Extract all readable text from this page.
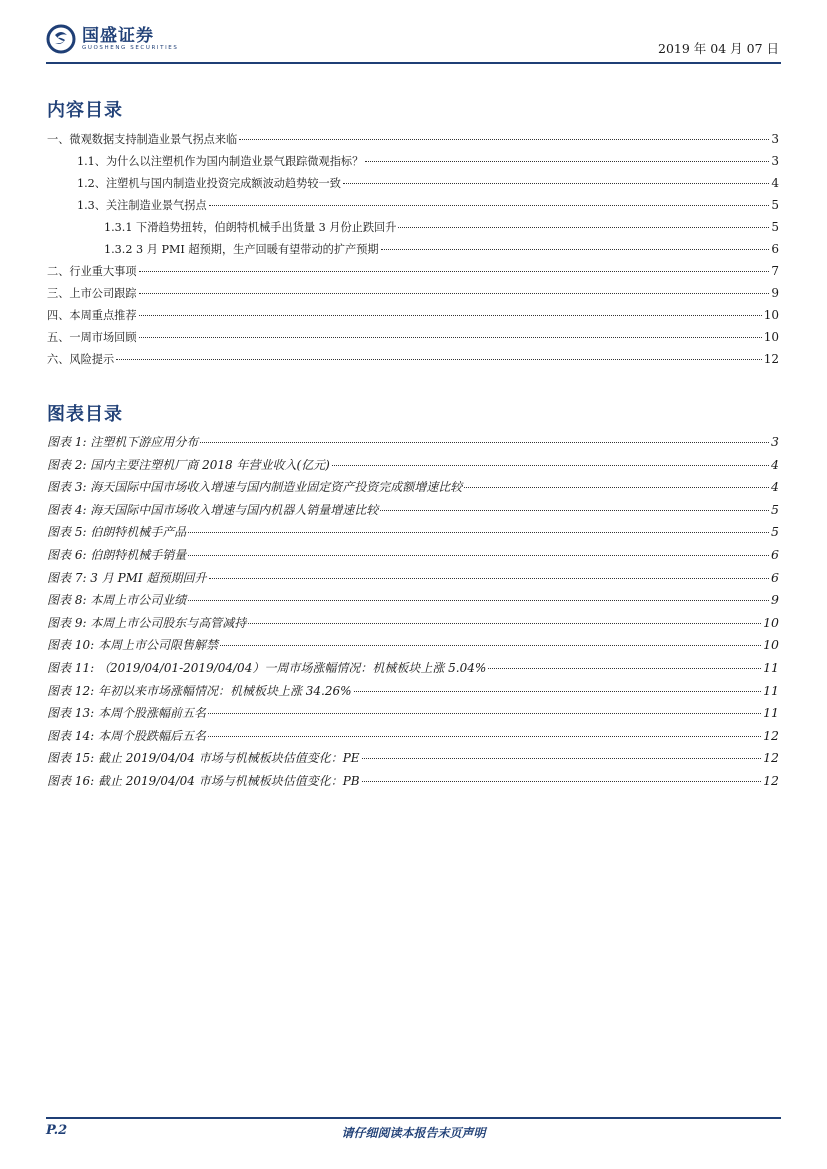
国盛证券
GUOSHENG SECURITIES	2019 年 04 月 07 日
内容目录
一、微观数据支持制造业景气拐点来临	3
1.1、为什么以注塑机作为国内制造业景气跟踪微观指标？	3
1.2、注塑机与国内制造业投资完成额波动趋势较一致	4
1.3、关注制造业景气拐点	5
1.3.1 下滑趋势扭转，伯朗特机械手出货量 3 月份止跌回升	5
1.3.2 3 月 PMI 超预期，生产回暖有望带动的扩产预期	6
二、行业重大事项	7
三、上市公司跟踪	9
四、本周重点推荐	10
五、一周市场回顾	10
六、风险提示	12
图表目录
图表 1: 注塑机下游应用分布	3
图表 2: 国内主要注塑机厂商 2018 年营业收入(亿元)	4
图表 3: 海天国际中国市场收入增速与国内制造业固定资产投资完成额增速比较	4
图表 4: 海天国际中国市场收入增速与国内机器人销量增速比较	5
图表 5: 伯朗特机械手产品	5
图表 6: 伯朗特机械手销量	6
图表 7: 3 月 PMI 超预期回升	6
图表 8: 本周上市公司业绩	9
图表 9: 本周上市公司股东与高管减持	10
图表 10: 本周上市公司限售解禁	10
图表 11: （2019/04/01-2019/04/04）一周市场涨幅情况：机械板块上涨 5.04%	11
图表 12: 年初以来市场涨幅情况：机械板块上涨 34.26%	11
图表 13: 本周个股涨幅前五名	11
图表 14: 本周个股跌幅后五名	12
图表 15: 截止 2019/04/04 市场与机械板块估值变化：PE	12
图表 16: 截止 2019/04/04 市场与机械板块估值变化：PB	12
请仔细阅读本报告末页声明
P.2
